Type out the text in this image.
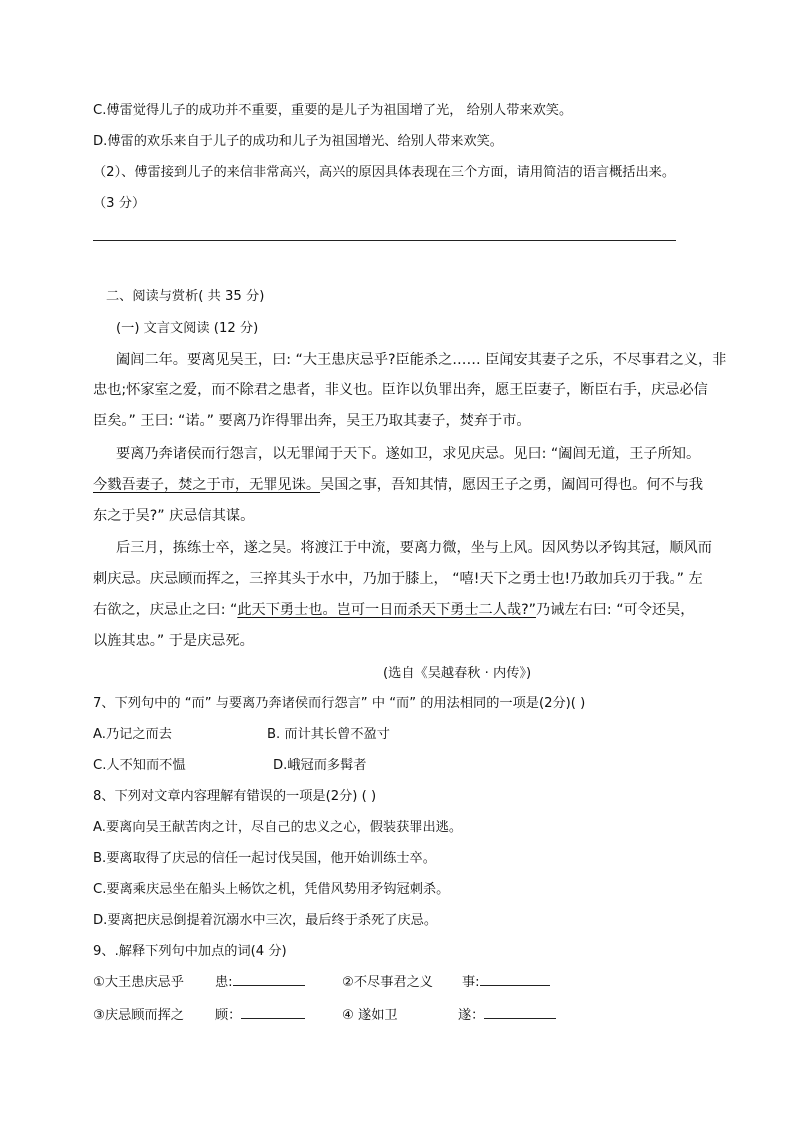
C.傅雷觉得儿子的成功并不重要，重要的是儿子为祖国增了光， 给别人带来欢笑。
D.傅雷的欢乐来自于儿子的成功和儿子为祖国增光、给别人带来欢笑。
（2）、傅雷接到儿子的来信非常高兴，高兴的原因具体表现在三个方面，请用简洁的语言概括出来。
（3 分）
二、阅读与赏析( 共 35 分)
(一) 文言文阅读 (12 分)
阖闾二年。要离见吴王，曰: “大王患庆忌乎?臣能杀之…… 臣闻安其妻子之乐，不尽事君之义，非
忠也;怀家室之爱，而不除君之患者，非义也。臣诈以负罪出奔，愿王臣妻子，断臣右手，庆忌必信
臣矣。” 王曰: “诺。” 要离乃诈得罪出奔，吴王乃取其妻子，焚弃于市。
要离乃奔诸侯而行怨言，以无罪闻于天下。遂如卫，求见庆忌。见曰: “阖闾无道，王子所知。
今戮吾妻子，焚之于市，无罪见诛。吴国之事，吾知其情，愿因王子之勇，阖闾可得也。何不与我
东之于吴?” 庆忌信其谋。
后三月，拣练士卒，遂之吴。将渡江于中流，要离力微，坐与上风。因风势以矛钩其冠，顺风而
刺庆忌。庆忌顾而挥之，三捽其头于水中，乃加于膝上， “嘻!天下之勇士也!乃敢加兵刃于我。” 左
右欲之，庆忌止之曰: “此天下勇士也。岂可一日而杀天下勇士二人哉?”乃诫左右曰: “可令还吴，
以旌其忠。” 于是庆忌死。
(选自《吴越春秋 · 内传》)
7、下列句中的 “而” 与要离乃奔诸侯而行怨言” 中 “而” 的用法相同的一项是(2分)( )
A.乃记之而去	B. 而计其长曾不盈寸
C.人不知而不愠	D.峨冠而多髯者
8、下列对文章内容理解有错误的一项是(2分) ( )
A.要离向吴王献苦肉之计，尽自己的忠义之心，假装获罪出逃。
B.要离取得了庆忌的信任一起讨伐吴国，他开始训练士卒。
C.要离乘庆忌坐在船头上畅饮之机，凭借风势用矛钩冠刺杀。
D.要离把庆忌倒提着沉溺水中三次，最后终于杀死了庆忌。
9、.解释下列句中加点的词(4 分)
①大王患庆忌乎 患:	②不尽事君之义 事:
③庆忌顾而挥之 顾：	④ 遂如卫	遂：
